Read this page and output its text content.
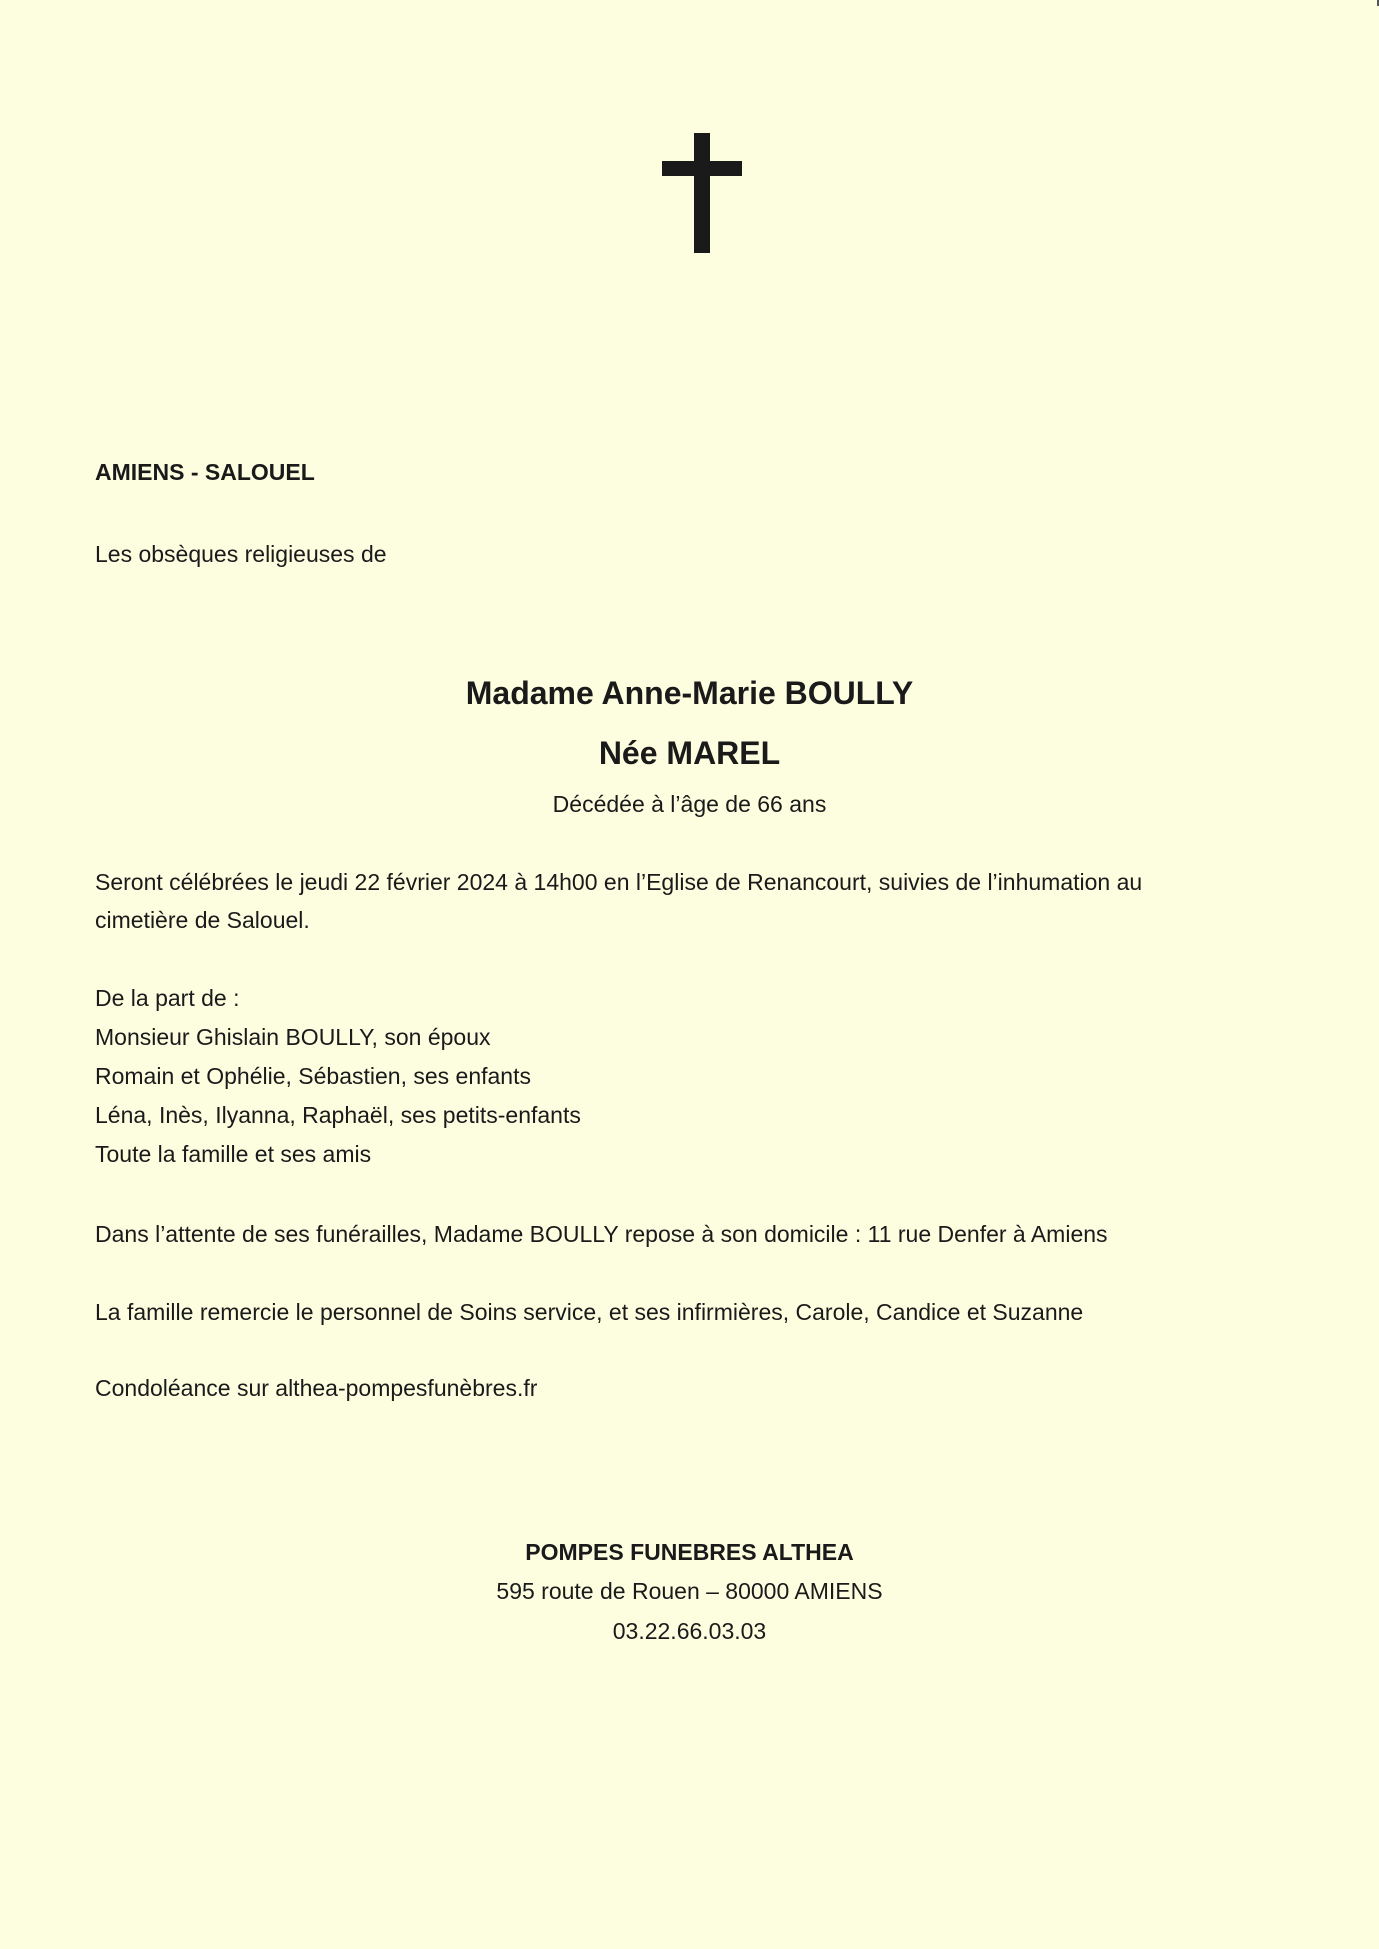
AMIENS - SALOUEL
Les obsèques religieuses de
Madame Anne-Marie BOULLY
Née MAREL
Décédée à l’âge de 66 ans
Seront célébrées le jeudi 22 février 2024 à 14h00 en l’Eglise de Renancourt, suivies de l’inhumation au
cimetière de Salouel.
De la part de :
Monsieur Ghislain BOULLY, son époux
Romain et Ophélie, Sébastien, ses enfants
Léna, Inès, Ilyanna, Raphaël, ses petits-enfants
Toute la famille et ses amis
Dans l’attente de ses funérailles, Madame BOULLY repose à son domicile : 11 rue Denfer à Amiens
La famille remercie le personnel de Soins service, et ses infirmières, Carole, Candice et Suzanne
Condoléance sur althea-pompesfunèbres.fr
POMPES FUNEBRES ALTHEA
595 route de Rouen – 80000 AMIENS
03.22.66.03.03
